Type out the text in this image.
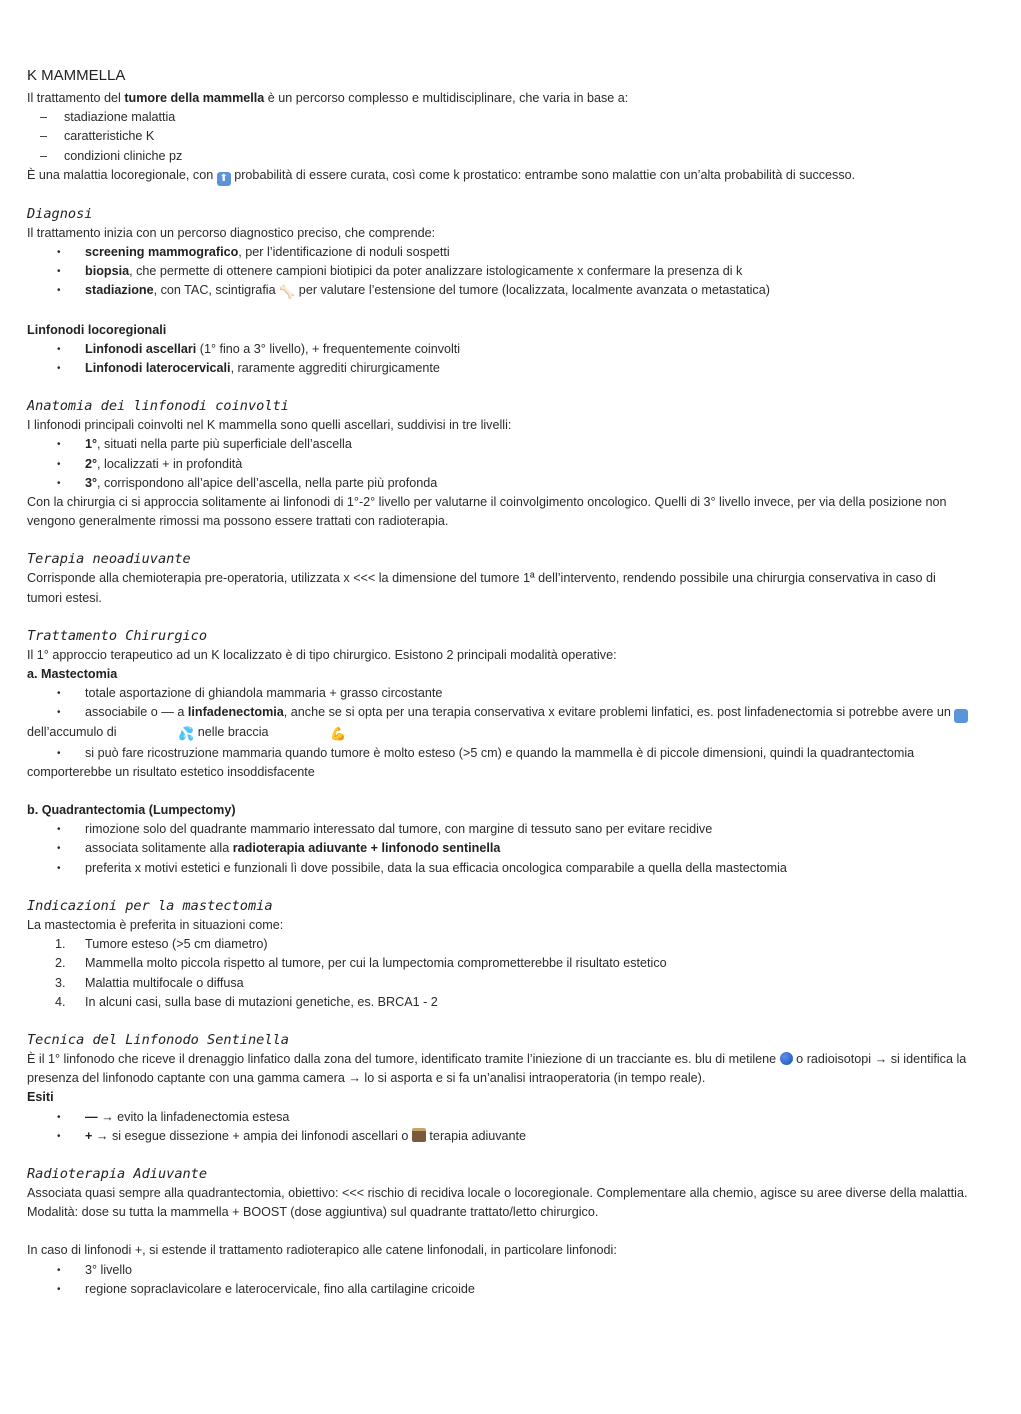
K MAMMELLA

Il trattamento del tumore della mammella è un percorso complesso e multidisciplinare, che varia in base a:

– stadiazione malattia
– caratteristiche K
– condizioni cliniche pz

È una malattia locoregionale, con ⬆ probabilità di essere curata, così come k prostatico: entrambe sono malattie con un’alta probabilità di successo.

Diagnosi

Il trattamento inizia con un percorso diagnostico preciso, che comprende:

• screening mammografico, per l’identificazione di noduli sospetti
• biopsia, che permette di ottenere campioni biotipici da poter analizzare istologicamente x confermare la presenza di k
• stadiazione, con TAC, scintigrafia 🦴 per valutare l’estensione del tumore (localizzata, localmente avanzata o metastatica)

Linfonodi locoregionali

• Linfonodi ascellari (1° fino a 3° livello), + frequentemente coinvolti
• Linfonodi laterocervicali, raramente aggrediti chirurgicamente
Anatomia dei linfonodi coinvolti

I linfonodi principali coinvolti nel K mammella sono quelli ascellari, suddivisi in tre livelli:

• 1°, situati nella parte più superficiale dell’ascella
• 2°, localizzati + in profondità
• 3°, corrispondono all’apice dell’ascella, nella parte più profonda

Con la chirurgia ci si approccia solitamente ai linfonodi di 1°-2° livello per valutarne il coinvolgimento oncologico. Quelli di 3° livello invece, per via della posizione non vengono generalmente rimossi ma possono essere trattati con radioterapia.

Terapia neoadiuvante

Corrisponde alla chemioterapia pre-operatoria, utilizzata x <<< la dimensione del tumore 1ª dell’intervento, rendendo possibile una chirurgia conservativa in caso di tumori estesi.

Trattamento Chirurgico

Il 1° approccio terapeutico ad un K localizzato è di tipo chirurgico. Esistono 2 principali modalità operative:

a. Mastectomia

• totale asportazione di ghiandola mammaria + grasso circostante
• associabile o — a linfadenectomia, anche se si opta per una terapia conservativa x evitare problemi linfatici, es. post linfadenectomia si potrebbe avere un	⬆ dell’accumulo di	💦 nelle braccia	💪
• si può fare ricostruzione mammaria quando tumore è molto esteso (>5 cm) e quando la mammella è di piccole dimensioni, quindi la quadrantectomia comporterebbe un risultato estetico insoddisfacente

b. Quadrantectomia (Lumpectomy)

• rimozione solo del quadrante mammario interessato dal tumore, con margine di tessuto sano per evitare recidive
• associata solitamente alla radioterapia adiuvante + linfonodo sentinella
• preferita x motivi estetici e funzionali lì dove possibile, data la sua efficacia oncologica comparabile a quella della mastectomia
Indicazioni per la mastectomia

La mastectomia è preferita in situazioni come:

1. Tumore esteso (>5 cm diametro)
2. Mammella molto piccola rispetto al tumore, per cui la lumpectomia comprometterebbe il risultato estetico
3. Malattia multifocale o diffusa
4. In alcuni casi, sulla base di mutazioni genetiche, es. BRCA1 - 2
Tecnica del Linfonodo Sentinella

È il 1° linfonodo che riceve il drenaggio linfatico dalla zona del tumore, identificato tramite l’iniezione di un tracciante es. blu di metilene  o radioisotopi → si identifica la presenza del linfonodo captante con una gamma camera → lo si asporta e si fa un’analisi intraoperatoria (in tempo reale).

Esiti

• — → evito la linfadenectomia estesa
• + → si esegue dissezione + ampia dei linfonodi ascellari o  terapia adiuvante
Radioterapia Adiuvante

Associata quasi sempre alla quadrantectomia, obiettivo: <<< rischio di recidiva locale o locoregionale. Complementare alla chemio, agisce su aree diverse della malattia.

Modalità: dose su tutta la mammella + BOOST (dose aggiuntiva) sul quadrante trattato/letto chirurgico.

In caso di linfonodi +, si estende il trattamento radioterapico alle catene linfonodali, in particolare linfonodi:

• 3° livello
• regione sopraclavicolare e laterocervicale, fino alla cartilagine cricoide
